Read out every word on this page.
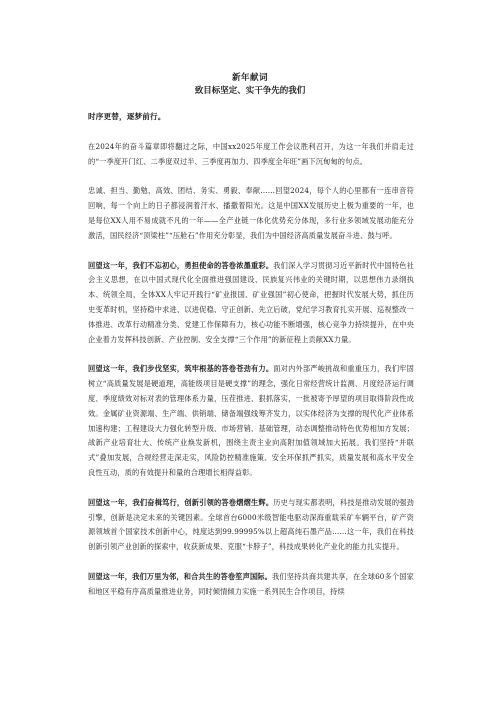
新年献词
致目标坚定、实干争先的我们

时序更替，逐梦前行。

在2024年的奋斗篇章即将翻过之际，中国xx2025年度工作会议胜利召开，为这一年我们并肩走过的“一季度开门红、二季度双过半、三季度再加力、四季度全年旺”画下沉甸甸的句点。

忠诚、担当、勤勉、高效、团结、务实、勇毅、奉献……回望2024，每个人的心里都有一连串音符回响，每一个向上的日子都浸润着汗水、播撒着阳光。这是中国XX发展历史上极为重要的一年，也是每位XX人用不易成就不凡的一年——全产业链一体化优势充分体现，多行业多领域发展动能充分激活，国民经济“顶梁柱”“压舱石”作用充分彰显，我们为中国经济高质量发展奋斗进、鼓与呼。

回望这一年，我们不忘初心，勇担使命的答卷浓墨重彩。我们深入学习贯彻习近平新时代中国特色社会主义思想，在以中国式现代化全面推进强国建设、民族复兴伟业的关键时期，以思想伟力录纲执本、统领全局，全体XX人牢记开践行“矿业报国、矿业强国”初心使命，把握时代发展大势，抓住历史变革时机，坚持稳中求进、以进促稳、守正创新、先立后破，党纪学习教育扎实开展、巡视整改一体推进、改革行动精准分类、党建工作保障有力，核心功能不断增强，核心竞争力持续提升，在中央企业着力发挥科技创新、产业控制、安全支撑“三个作用”的新征程上贡献XX力量。

回望这一年，我们步伐坚实，筑牢根基的答卷苍劲有力。面对内外部严峻挑战和重重压力，我们牢固树立“高质量发展是硬道理，高能级项目是硬支撑”的理念，强化日常经营统计监测、月度经济运行调度、季度绩效对标对表的管理体系力量，压茬推进、狠抓落实，一批被寄予厚望的项目取得阶段性成效。金属矿业资源端、生产端、供销端、储备端强线筹齐发力，以实体经济为支撑的现代化产业体系加速构建；工程建设大力强化转型升级、市场营销、基础管理，动态调整推动特色优势相加方发展；战新产业培育壮大、传统产业焕发新机，围绕主责主业向高附加值领域加大拓展。我们坚持“并联式”叠加发展，合规经营走深走实，风险防控精准施策、安全环保抓严抓实，质量发展和高水平安全良性互动，质的有效提升和量的合理增长相得益彰。

回望这一年，我们奋楫笃行，创新引领的答卷熠熠生辉。历史与现实都表明，科技是推动发展的强劲引擎，创新是决定未来的关键因素。全球首台6000米级智能电驱动深海重载采矿车辆平台，矿产资源领域首个国家技术创新中心，纯度达到99.99995%以上超高纯石墨产品……这一年，我们在科技创新引领产业创新的探索中，收获新成果、克服“卡脖子”，科技成果转化产业化的能力扎实提升。

回望这一年，我们万里为邻，和合共生的答卷笙声国际。我们坚持共商共建共享，在全球60多个国家和地区平稳有序高质量推进业务，同时倾情倾力实施一系列民生合作项目，持续
